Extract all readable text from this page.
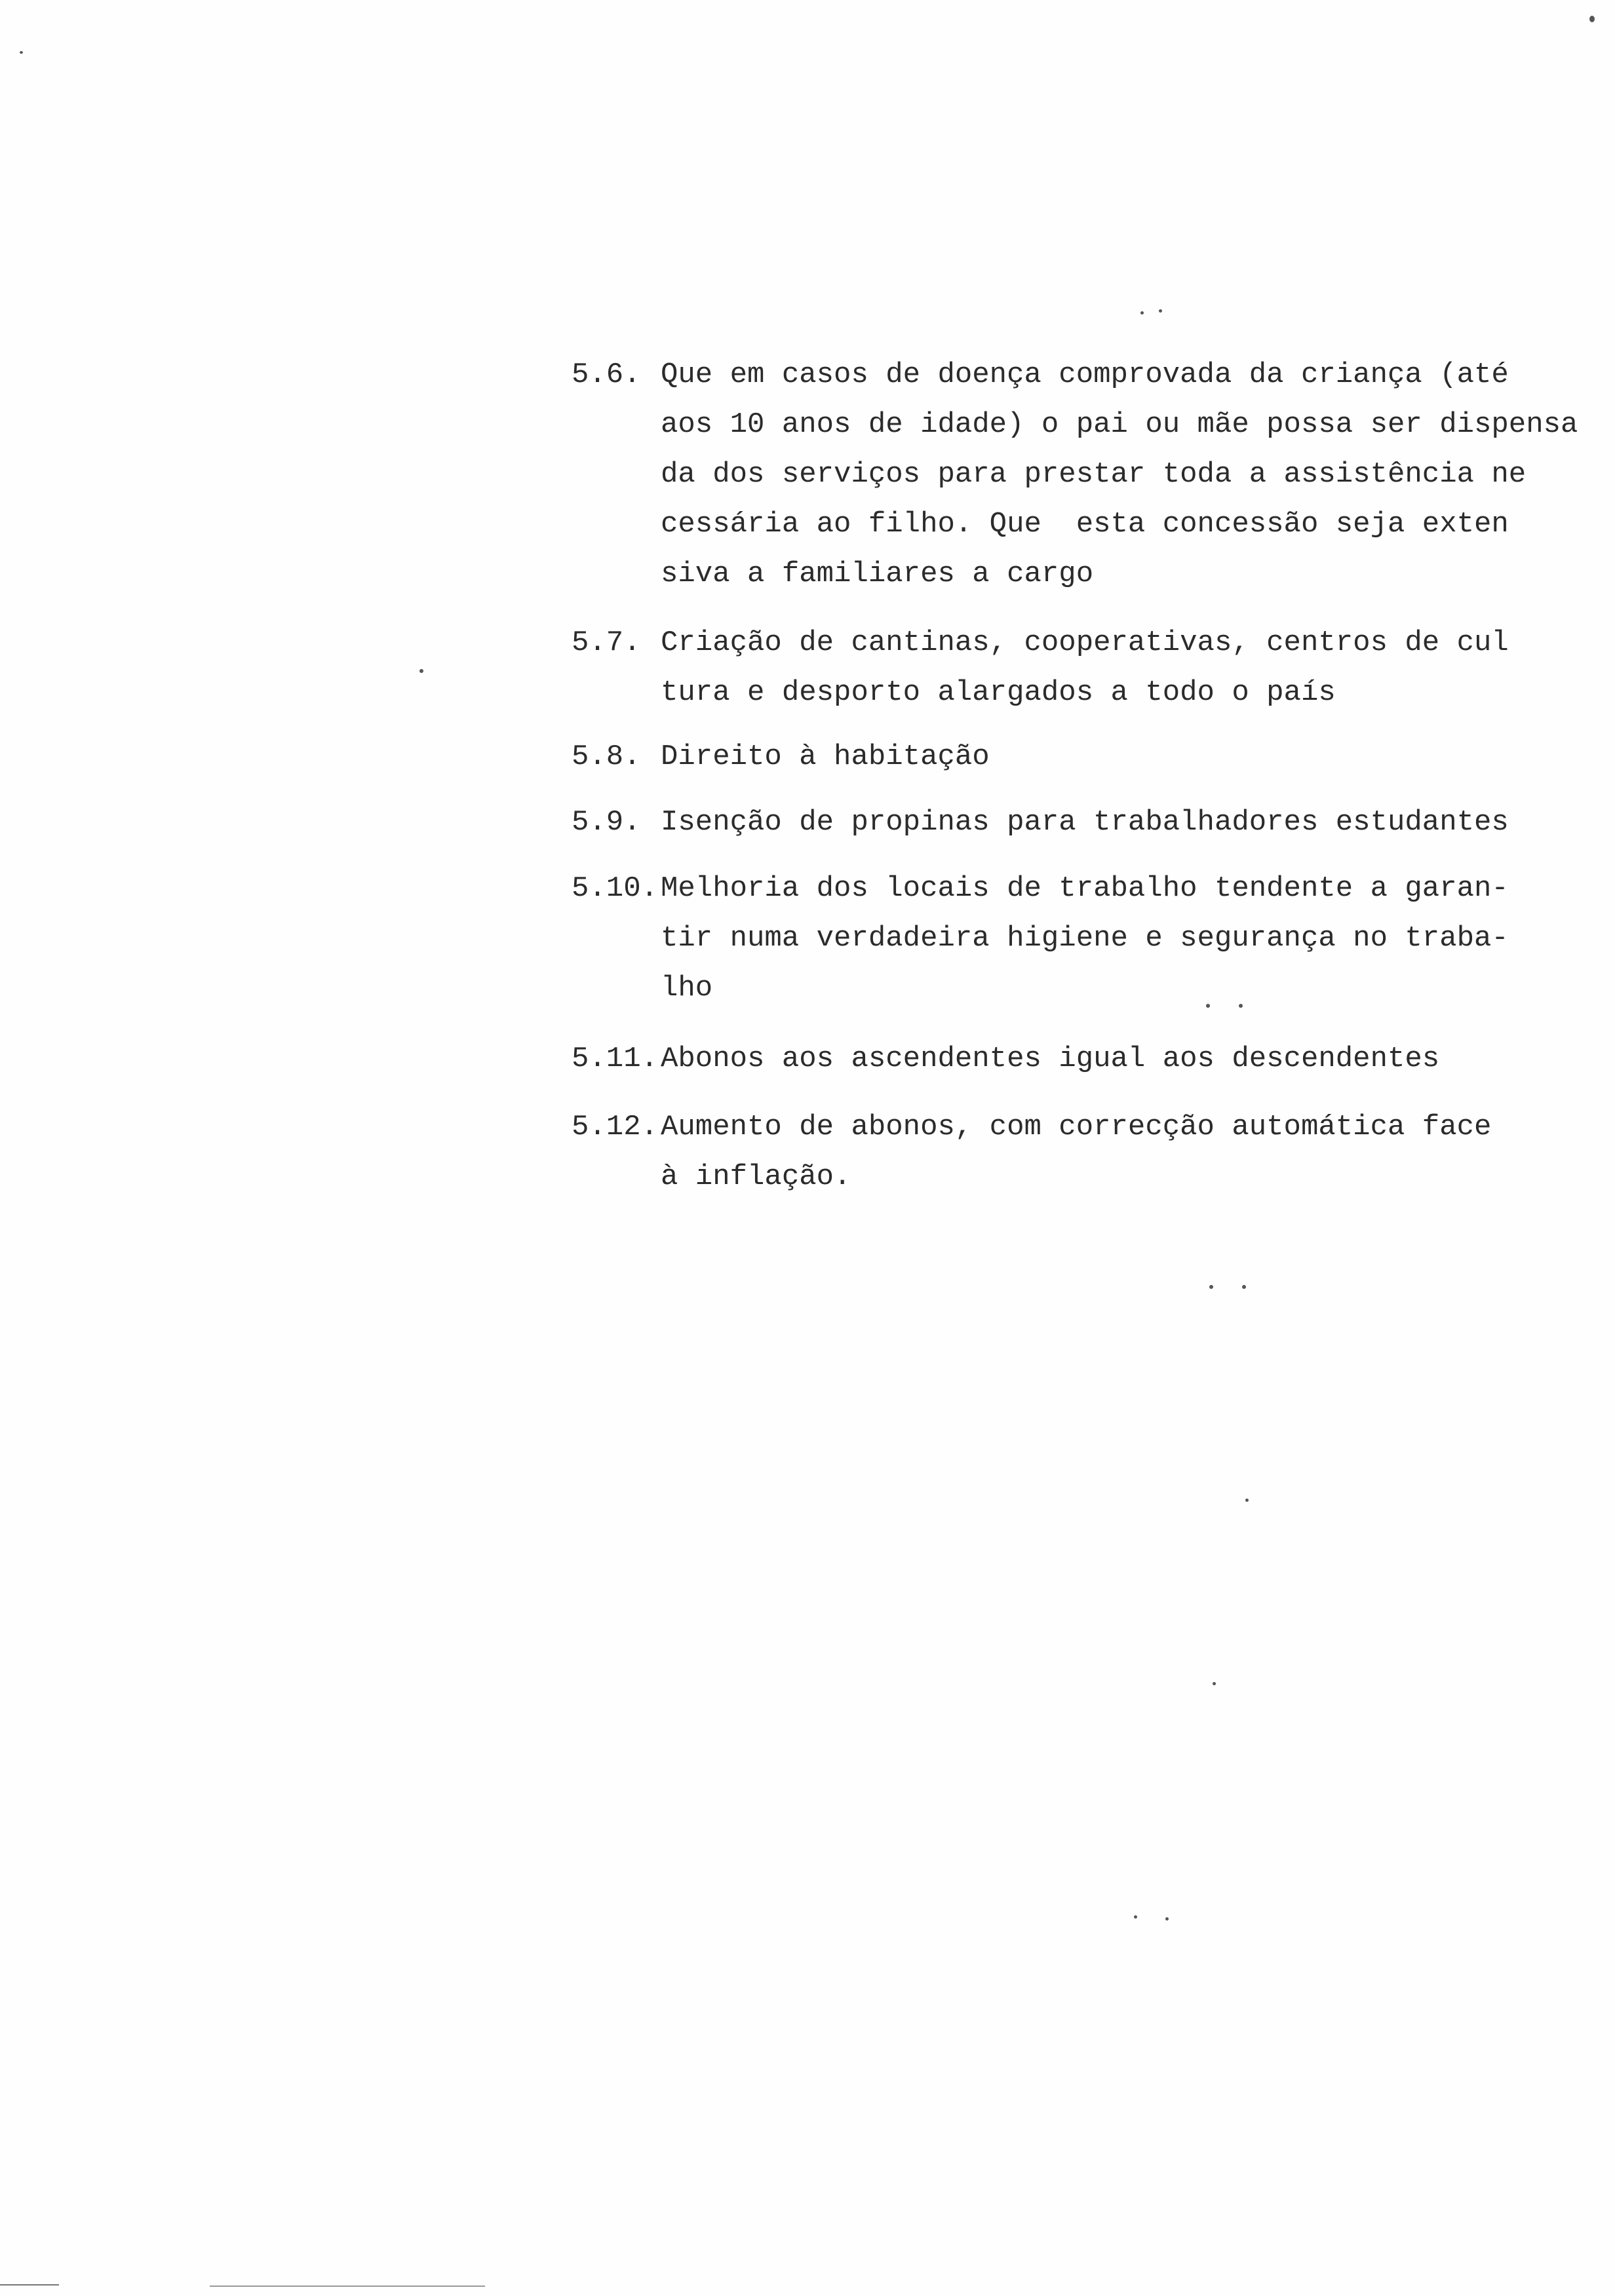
5.6. Que em casos de doença comprovada da criança (até
aos 10 anos de idade) o pai ou mãe possa ser dispensa
da dos serviços para prestar toda a assistência ne
cessária ao filho. Que  esta concessão seja exten
siva a familiares a cargo
5.7. Criação de cantinas, cooperativas, centros de cul
tura e desporto alargados a todo o país
5.8. Direito à habitação
5.9. Isenção de propinas para trabalhadores estudantes
5.10. Melhoria dos locais de trabalho tendente a garan-
tir numa verdadeira higiene e segurança no traba-
lho
5.11. Abonos aos ascendentes igual aos descendentes
5.12. Aumento de abonos, com correcção automática face
à inflação.
